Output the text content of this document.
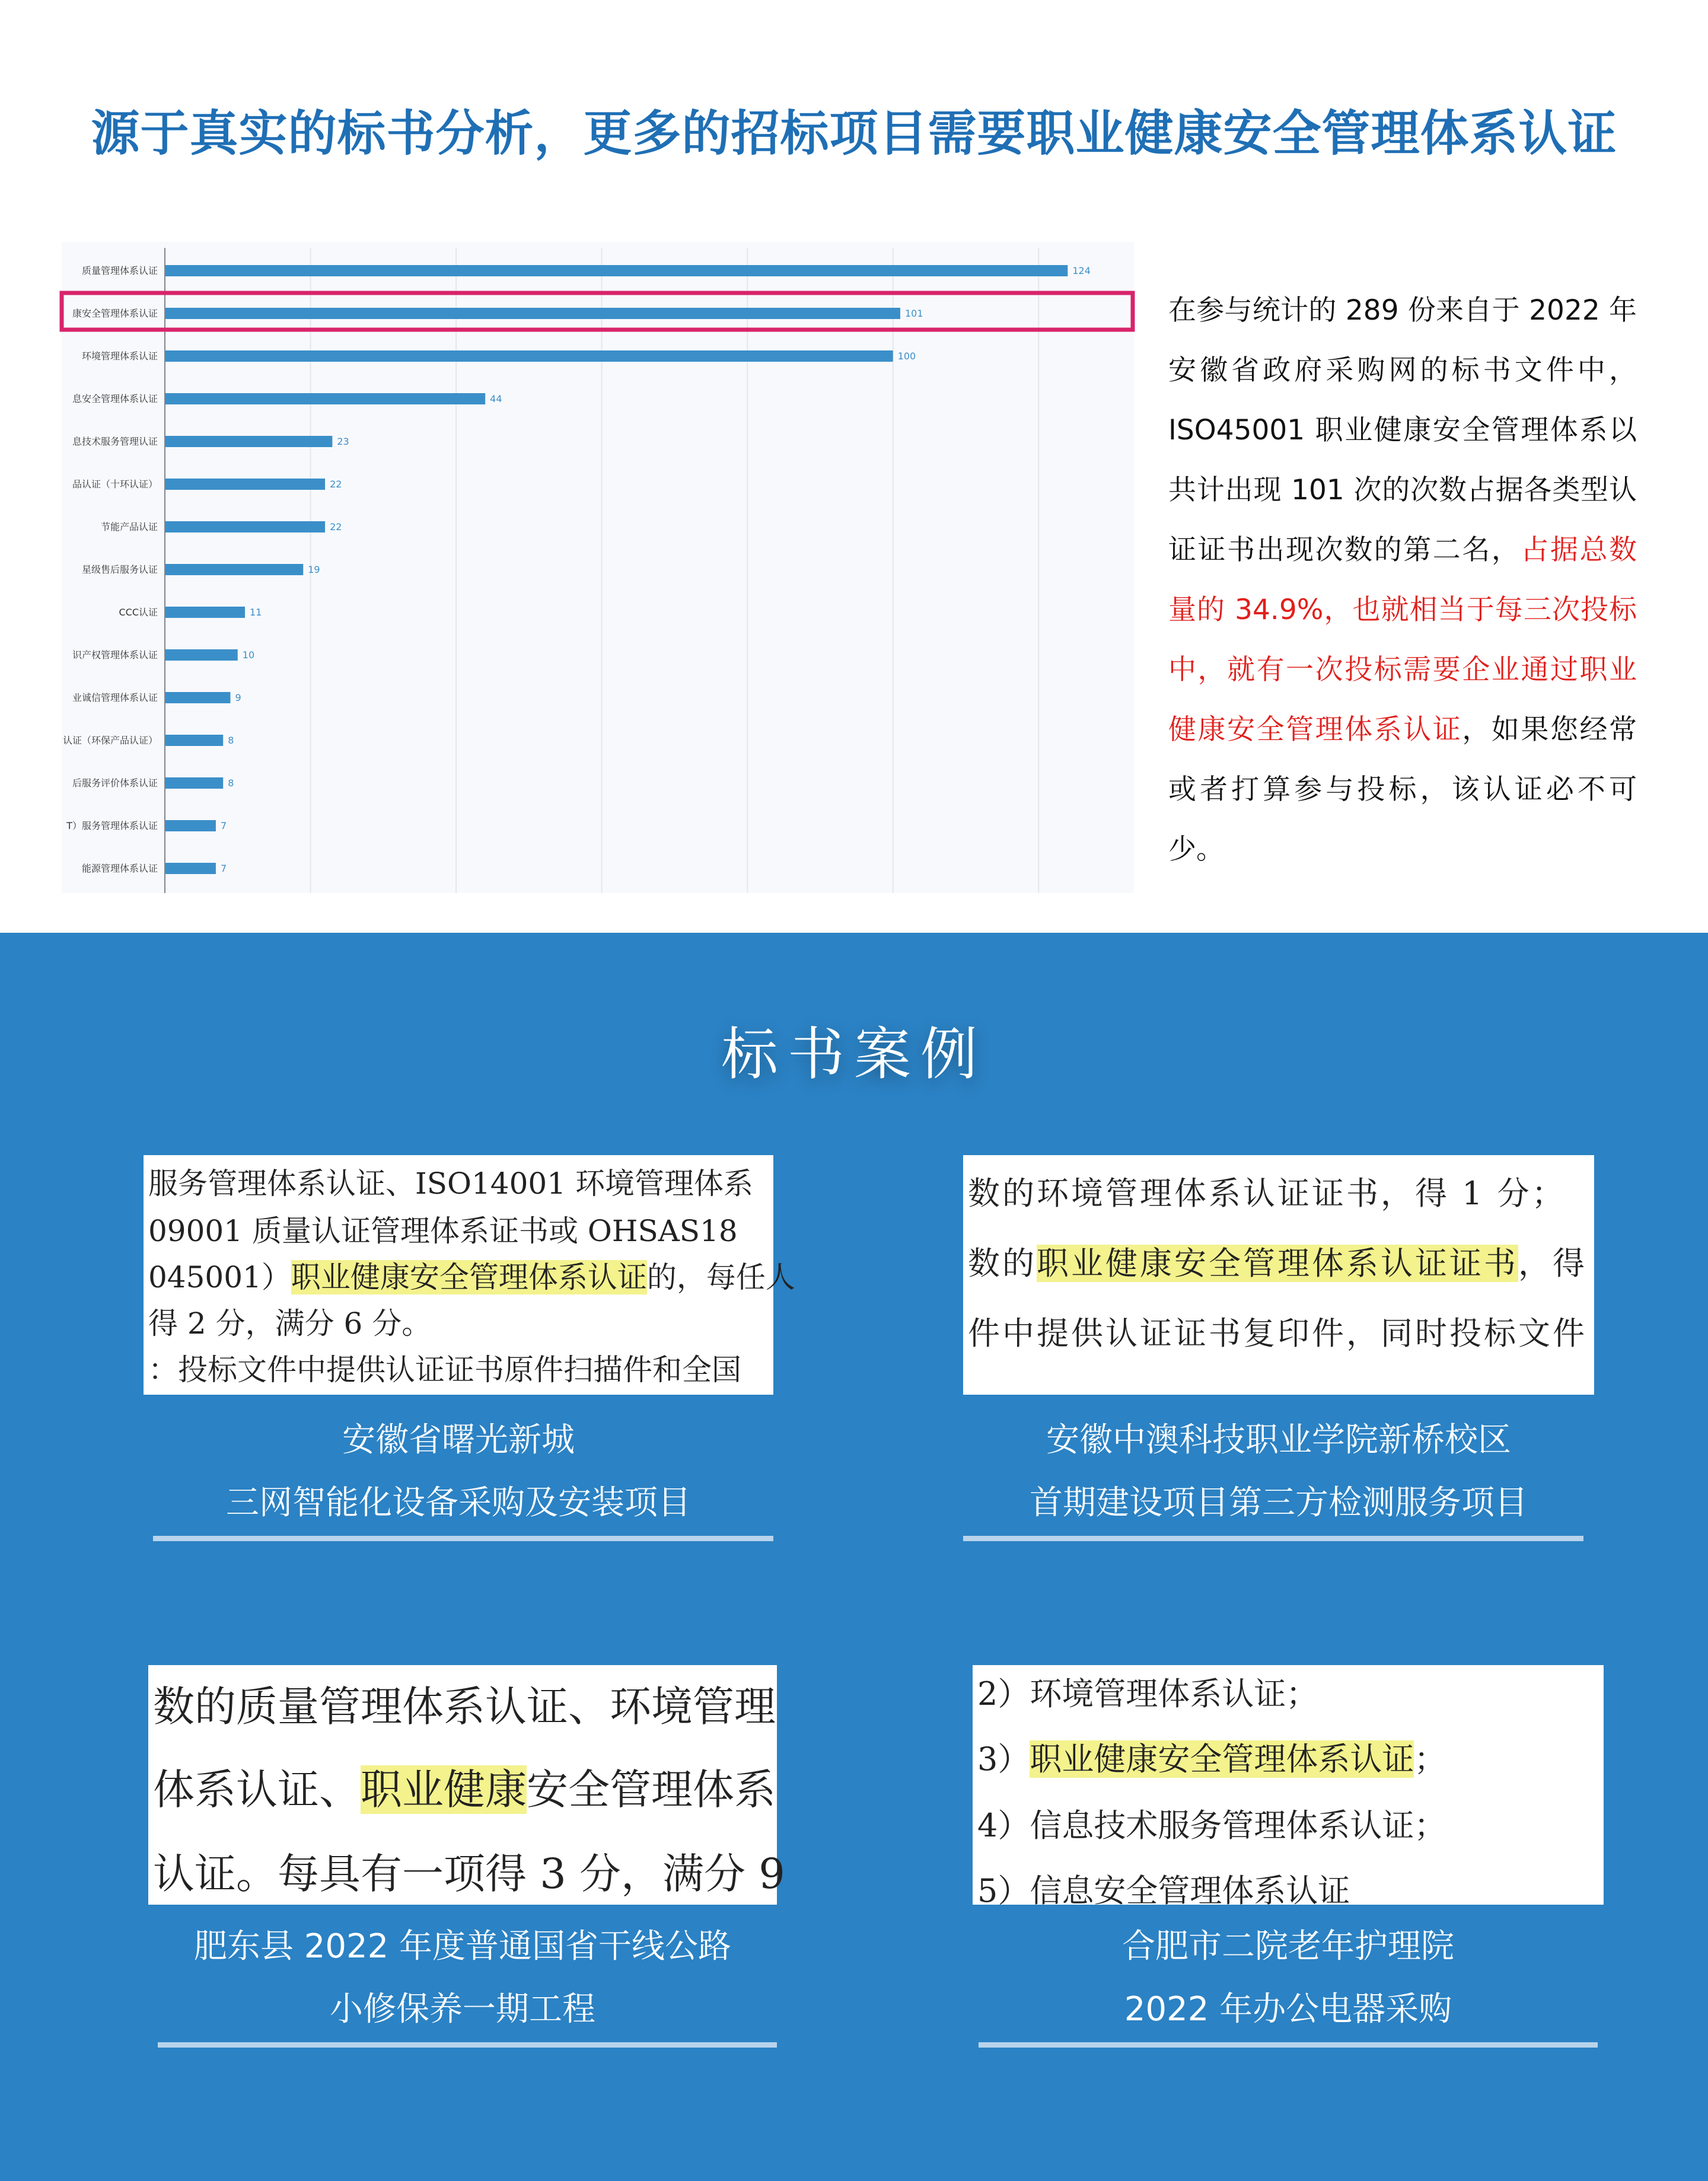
源于真实的标书分析，更多的招标项目需要职业健康安全管理体系认证
质量管理体系认证	124
康安全管理体系认证	101
环境管理体系认证	100
息安全管理体系认证	44
息技术服务管理认证	23
品认证（十环认证）	22
节能产品认证	22
星级售后服务认证	19
CCC认证	11
识产权管理体系认证	10
业诚信管理体系认证	9
认证（环保产品认证）	8
后服务评价体系认证	8
T）服务管理体系认证	7
能源管理体系认证	7
在参与统计的 289 份来自于 2022 年安徽省政府采购网的标书文件中，ISO45001 职业健康安全管理体系以共计出现 101 次的次数占据各类型认证证书出现次数的第二名，占据总数量的 34.9%，也就相当于每三次投标中，就有一次投标需要企业通过职业健康安全管理体系认证，如果您经常或者打算参与投标，该认证必不可少。
标书案例
服务管理体系认证、ISO14001 环境管理体系
09001 质量认证管理体系证书或 OHSAS18
045001）职业健康安全管理体系认证的，每任人
得 2 分，满分 6 分。
：投标文件中提供认证证书原件扫描件和全国
安徽省曙光新城
三网智能化设备采购及安装项目
数的环境管理体系认证证书，得 1 分；
数的职业健康安全管理体系认证证书，得
件中提供认证证书复印件，同时投标文件
安徽中澳科技职业学院新桥校区
首期建设项目第三方检测服务项目
数的质量管理体系认证、环境管理
体系认证、职业健康安全管理体系
认证。每具有一项得 3 分，满分 9
肥东县 2022 年度普通国省干线公路
小修保养一期工程
2）环境管理体系认证；
3）职业健康安全管理体系认证；
4）信息技术服务管理体系认证；
5）信息安全管理体系认证
合肥市二院老年护理院
2022 年办公电器采购
